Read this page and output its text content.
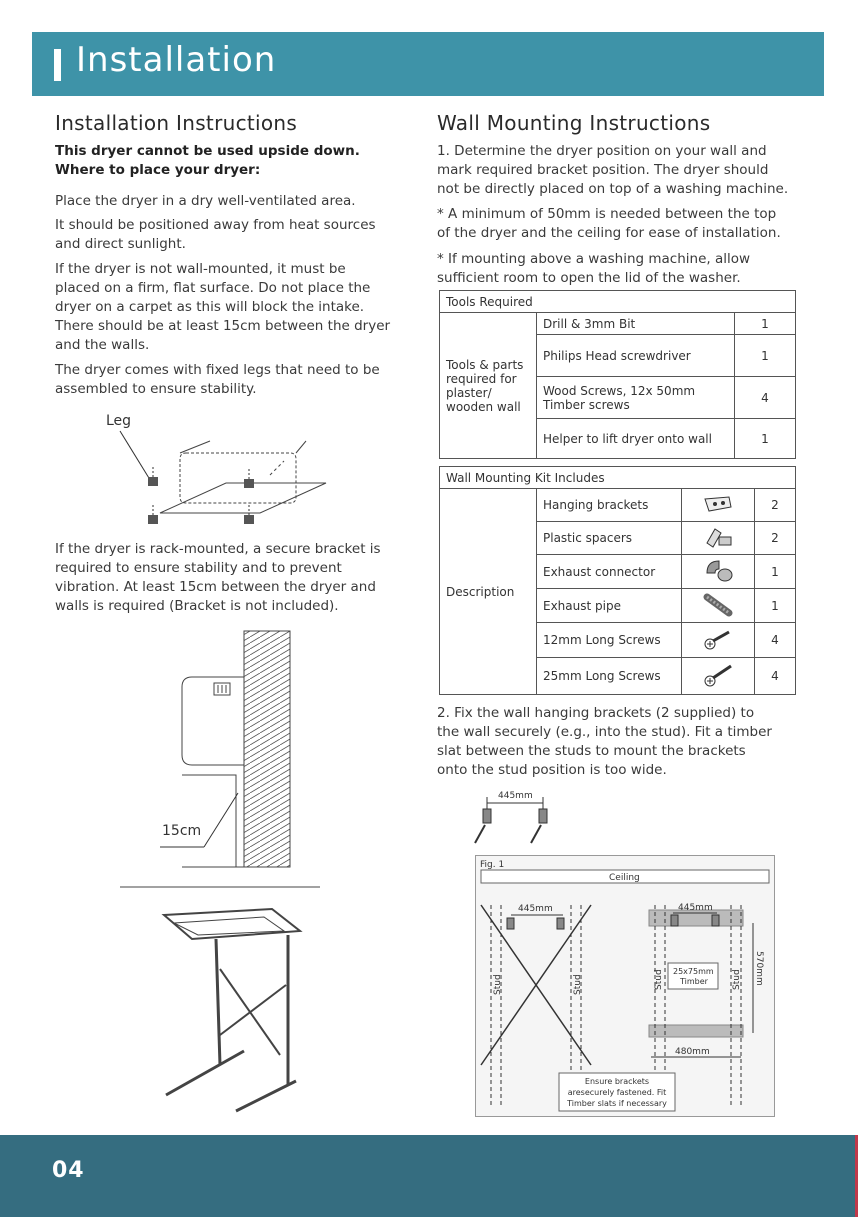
Installation
Installation Instructions
This dryer cannot be used upside down.
Where to place your dryer:
Place the dryer in a dry well-ventilated area.
It should be positioned away from heat sources
and direct sunlight.
If the dryer is not wall-mounted, it must be
placed on a firm, flat surface. Do not place the
dryer on a carpet as this will block the intake.
There should be at least 15cm between the dryer
and the walls.
The dryer comes with fixed legs that need to be
assembled to ensure stability.
Leg
If the dryer is rack-mounted, a secure bracket is
required to ensure stability and to prevent
vibration. At least 15cm between the dryer and
walls is required (Bracket is not included).
15cm
Wall Mounting Instructions
1. Determine the dryer position on your wall and
mark required bracket position. The dryer should
not be directly placed on top of a washing machine.
* A minimum of 50mm is needed between the top
of the dryer and the ceiling for ease of installation.
* If mounting above a washing machine, allow
sufficient room to open the lid of the washer.
Tools Required		
Tools & parts required for plaster/ wooden wall	Drill & 3mm Bit	1
	Philips Head screwdriver	1
	Wood Screws, 12x 50mm Timber screws	4
	Helper to lift dryer onto wall	1
Wall Mounting Kit Includes			
Description	Hanging brackets		2
	Plastic spacers		2
	Exhaust connector		1
	Exhaust pipe		1
	12mm Long Screws		4
	25mm Long Screws		4
2. Fix the wall hanging brackets (2 supplied) to
the wall securely (e.g., into the stud). Fit a timber
slat between the studs to mount the brackets
onto the stud position is too wide.
445mm
Fig. 1
Ceiling
Stud	Stud
445mm
Stud	Stud
445mm
25x75mm
Timber	570mm
480mm
Ensure brackets
aresecurely fastened. Fit
Timber slats if necessary
04
